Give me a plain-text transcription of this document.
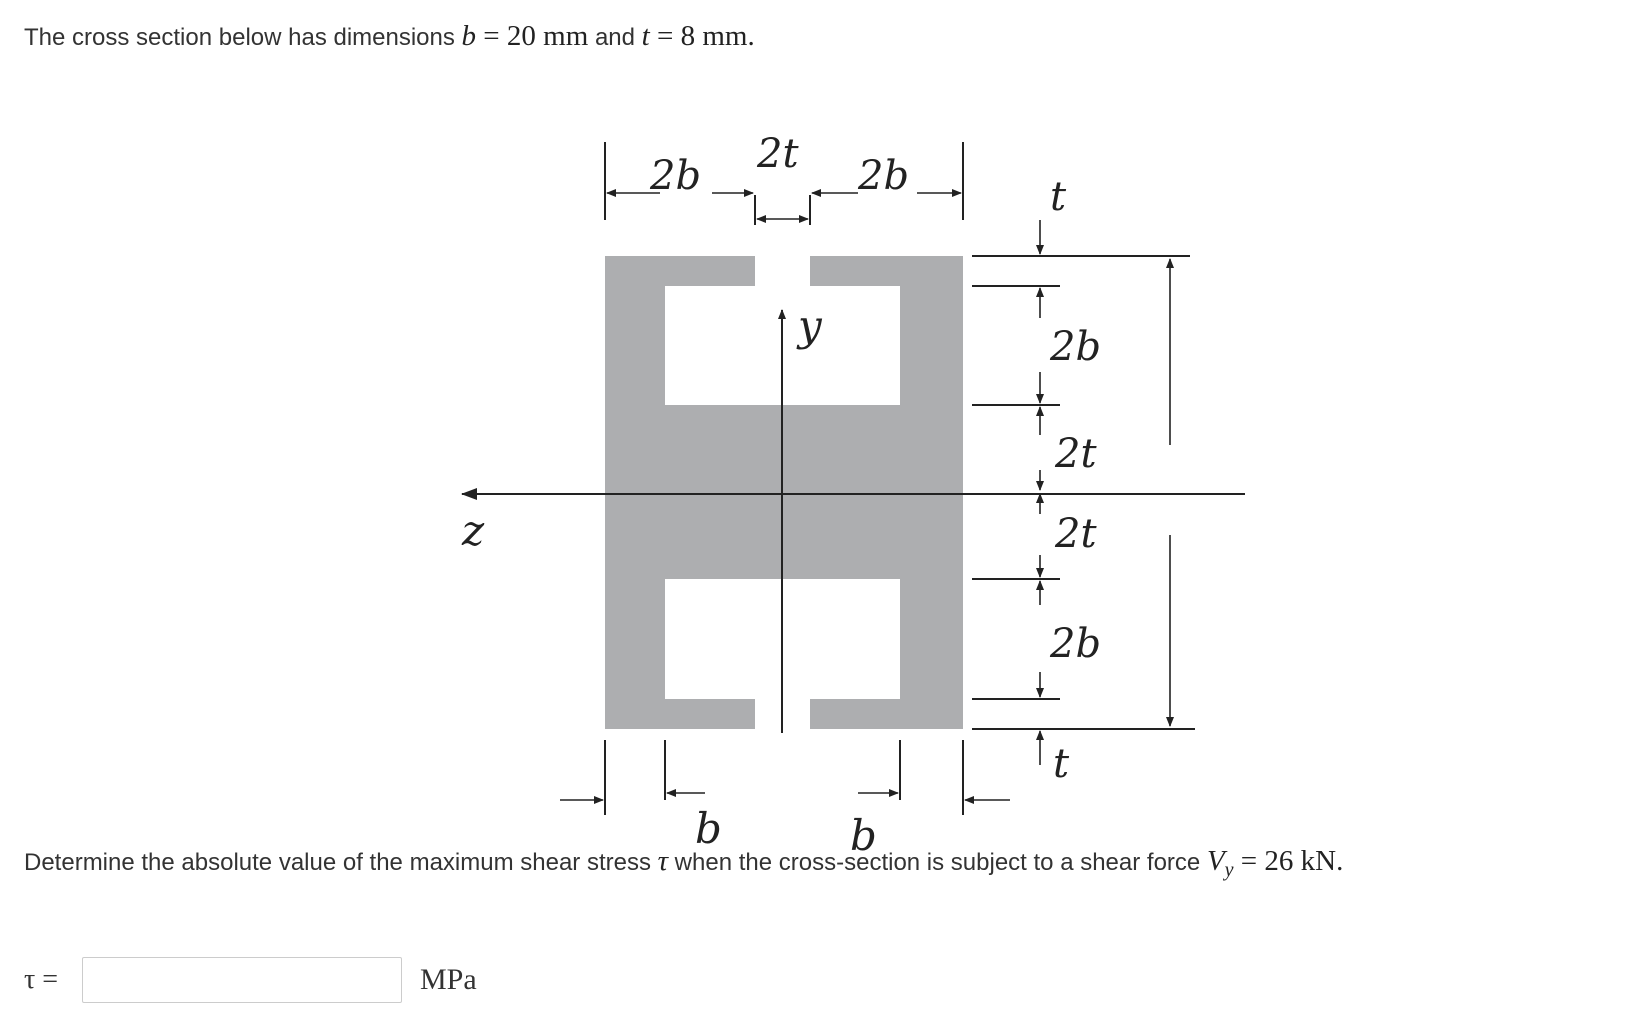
The cross section below has dimensions b = 20 mm and t = 8 mm.
2b 2t 2b	t
2b
2t
2t
2b
t
b	b
y
z
Determine the absolute value of the maximum shear stress τ when the cross-section is subject to a shear force $V_y = 26$ kN.
τ =	MPa
